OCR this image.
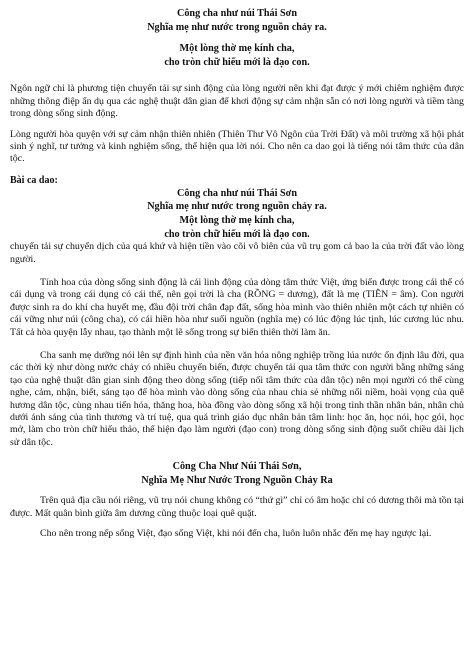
Công cha như núi Thái Sơn

Nghĩa mẹ như nước trong nguồn chảy ra.

Một lòng thờ mẹ kính cha,

cho tròn chữ hiếu mới là đạo con.

Ngôn ngữ chỉ là phương tiện chuyển tải sự sinh động của lòng người nên khi đạt được ý mới chiêm nghiệm được những thông điệp ẩn dụ qua các nghệ thuật dân gian để khơi động sự cảm nhận sẵn có nơi lòng người và tiềm tàng trong dòng sống sinh động.

Lòng người hòa quyện với sự cảm nhận thiên nhiên (Thiên Thư Vô Ngôn của Trời Đất) và môi trường xã hội phát sinh ý nghĩ, tư tưởng và kinh nghiệm sống, thể hiện qua lời nói. Cho nên ca dao gọi là tiếng nói tâm thức của dân tộc.

Bài ca dao:

Công cha như núi Thái Sơn

Nghĩa mẹ như nước trong nguồn chảy ra.

Một lòng thờ mẹ kính cha,

cho tròn chữ hiếu mới là đạo con.

chuyển tải sự chuyển dịch của quá khứ và hiện tiền vào cõi vô biên của vũ trụ gom cả bao la của trời đất vào lòng người.

Tính hoa của dòng sống sinh động là cái linh động của dòng tâm thức Việt, ứng biến được trong cái thế có cái dụng và trong cái dụng có cái thế, nên gọi trời là cha (RỒNG = dương), đất là mẹ (TIÊN = âm). Con người được sinh ra do khí cha huyết mẹ, đầu đội trời chân đạp đất, sống hòa mình vào thiên nhiên một cách tự nhiên có cái vững như núi (công cha), có cái hiền hòa như suối nguồn (nghĩa mẹ) có lúc động lúc tịnh, lúc cương lúc nhu. Tất cả hòa quyện lẫy nhau, tạo thành một lẽ sống trong sự biến thiên thời làm ăn.

Cha sanh mẹ dưỡng nói lên sự định hình của nền văn hóa nông nghiệp trồng lúa nước ổn định lâu đời, qua các thời kỳ như dòng nước chảy có nhiều chuyển biến, được chuyển tải qua tâm thức con người bằng những sáng tạo của nghệ thuật dân gian sinh động theo dòng sống (tiếp nối tâm thức của dân tộc) nên mọi người có thể cùng nghe, cảm, nhận, biết, sáng tạo để hòa mình vào dòng sống của nhau chia sẻ những nổi niềm, hoài vọng của quê hương dân tộc, cùng nhau tiến hóa, thăng hoa, hòa đồng vào dòng sống xã hội trong tình thần nhân bản, nhân chủ dưới ánh sáng của tình thương và trí tuệ, qua quá trình giáo dục nhân bản tâm linh: học ăn, học nói, học gói, học mở, làm cho tròn chữ hiếu thảo, thể hiện đạo làm người (đạo con) trong dòng sống sinh động suốt chiều dài lịch sử dân tộc.

Công Cha Như Núi Thái Sơn,

Nghĩa Mẹ Như Nước Trong Nguồn Chảy Ra

Trên quả địa cầu nói riêng, vũ trụ nói chung không có “thứ gì” chỉ có âm hoặc chỉ có dương thôi mà tồn tại được. Mất quân bình giữa âm dương cũng thuộc loại quê quặt.

Cho nên trong nếp sống Việt, đạo sống Việt, khi nói đến cha, luôn luôn nhắc đến mẹ hay ngược lại.
